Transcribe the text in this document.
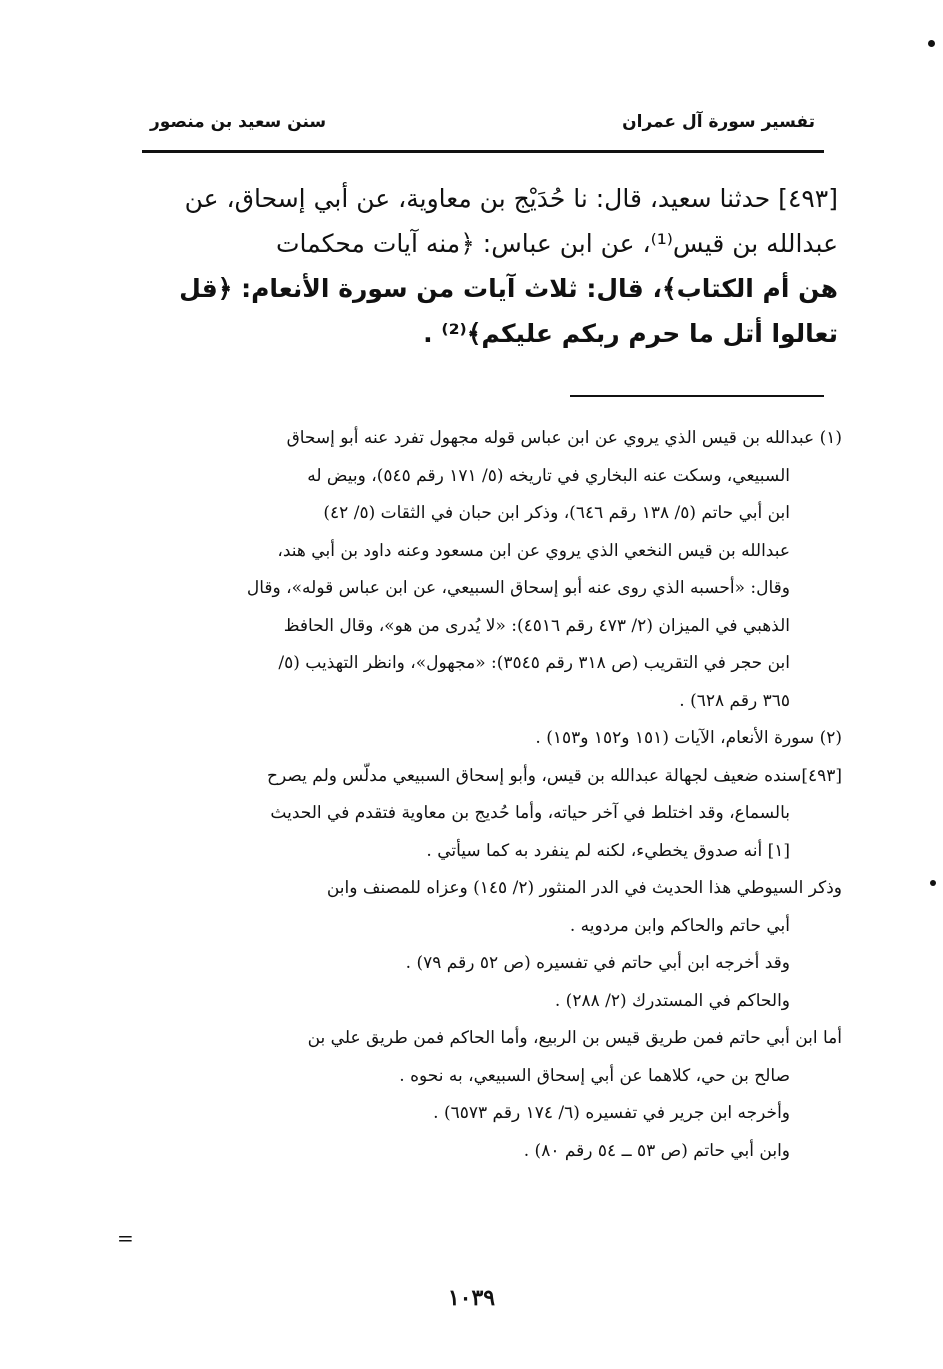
تفسير سورة آل عمران
سنن سعيد بن منصور
[٤٩٣] حدثنا سعيد، قال: نا حُدَيْج بن معاوية، عن أبي إسحاق، عن
عبدالله بن قيس⁽¹⁾، عن ابن عباس: ﴿منه آيات محكمات
هن أم الكتاب﴾، قال: ثلاث آيات من سورة الأنعام: ﴿قل
تعالوا أتل ما حرم ربكم عليكم﴾⁽²⁾ .
(١) عبدالله بن قيس الذي يروي عن ابن عباس قوله مجهول تفرد عنه أبو إسحاق
السبيعي، وسكت عنه البخاري في تاريخه (٥/ ١٧١ رقم ٥٤٥)، وبيض له
ابن أبي حاتم (٥/ ١٣٨ رقم ٦٤٦)، وذكر ابن حبان في الثقات (٥/ ٤٢)
عبدالله بن قيس النخعي الذي يروي عن ابن مسعود وعنه داود بن أبي هند،
وقال: «أحسبه الذي روى عنه أبو إسحاق السبيعي، عن ابن عباس قوله»، وقال
الذهبي في الميزان (٢/ ٤٧٣ رقم ٤٥١٦): «لا يُدرى من هو»، وقال الحافظ
ابن حجر في التقريب (ص ٣١٨ رقم ٣٥٤٥): «مجهول»، وانظر التهذيب (٥/
٣٦٥ رقم ٦٢٨) .
(٢) سورة الأنعام، الآيات (١٥١ و١٥٢ و١٥٣) .
[٤٩٣]سنده ضعيف لجهالة عبدالله بن قيس، وأبو إسحاق السبيعي مدلّس ولم يصرح
بالسماع، وقد اختلط في آخر حياته، وأما حُديج بن معاوية فتقدم في الحديث
[١] أنه صدوق يخطيء، لكنه لم ينفرد به كما سيأتي .
وذكر السيوطي هذا الحديث في الدر المنثور (٢/ ١٤٥) وعزاه للمصنف وابن
أبي حاتم والحاكم وابن مردويه .
وقد أخرجه ابن أبي حاتم في تفسيره (ص ٥٢ رقم ٧٩) .
والحاكم في المستدرك (٢/ ٢٨٨) .
أما ابن أبي حاتم فمن طريق قيس بن الربيع، وأما الحاكم فمن طريق علي بن
صالح بن حي، كلاهما عن أبي إسحاق السبيعي، به نحوه .
وأخرجه ابن جرير في تفسيره (٦/ ١٧٤ رقم ٦٥٧٣) .
وابن أبي حاتم (ص ٥٣ ــ ٥٤ رقم ٨٠) .
=
١٠٣٩
